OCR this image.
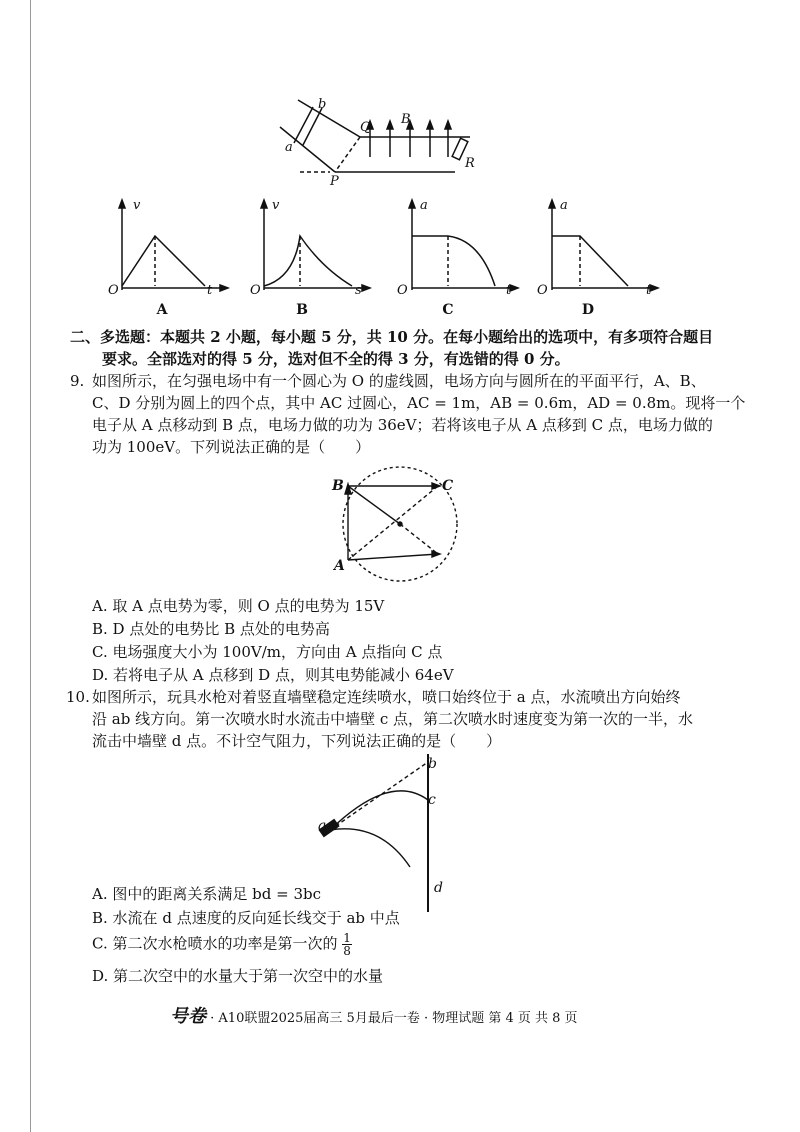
b
a
Q
B
R
P
v
O	t
A
v
O	s
B
a
O	t
C
a
O	t
D
二、多选题：本题共 2 小题，每小题 5 分，共 10 分。在每小题给出的选项中，有多项符合题目
要求。全部选对的得 5 分，选对但不全的得 3 分，有选错的得 0 分。
9. 如图所示，在匀强电场中有一个圆心为 O 的虚线圆，电场方向与圆所在的平面平行，A、B、
C、D 分别为圆上的四个点，其中 AC 过圆心，AC = 1m，AB = 0.6m，AD = 0.8m。现将一个
电子从 A 点移动到 B 点，电场力做的功为 36eV；若将该电子从 A 点移到 C 点，电场力做的
功为 100eV。下列说法正确的是（　　）
B	C
A
A. 取 A 点电势为零，则 O 点的电势为 15V
B. D 点处的电势比 B 点处的电势高
C. 电场强度大小为 100V/m，方向由 A 点指向 C 点
D. 若将电子从 A 点移到 D 点，则其电势能减小 64eV
10. 如图所示，玩具水枪对着竖直墙壁稳定连续喷水，喷口始终位于 a 点，水流喷出方向始终
沿 ab 线方向。第一次喷水时水流击中墙壁 c 点，第二次喷水时速度变为第一次的一半，水
流击中墙壁 d 点。不计空气阻力，下列说法正确的是（　　）
b
c
a
d
A. 图中的距离关系满足 bd = 3bc
B. 水流在 d 点速度的反向延长线交于 ab 中点
C. 第二次水枪喷水的功率是第一次的 $\frac{1}{8}$
D. 第二次空中的水量大于第一次空中的水量
号卷 · A10联盟2025届高三 5月最后一卷 · 物理试题 第 4 页 共 8 页
